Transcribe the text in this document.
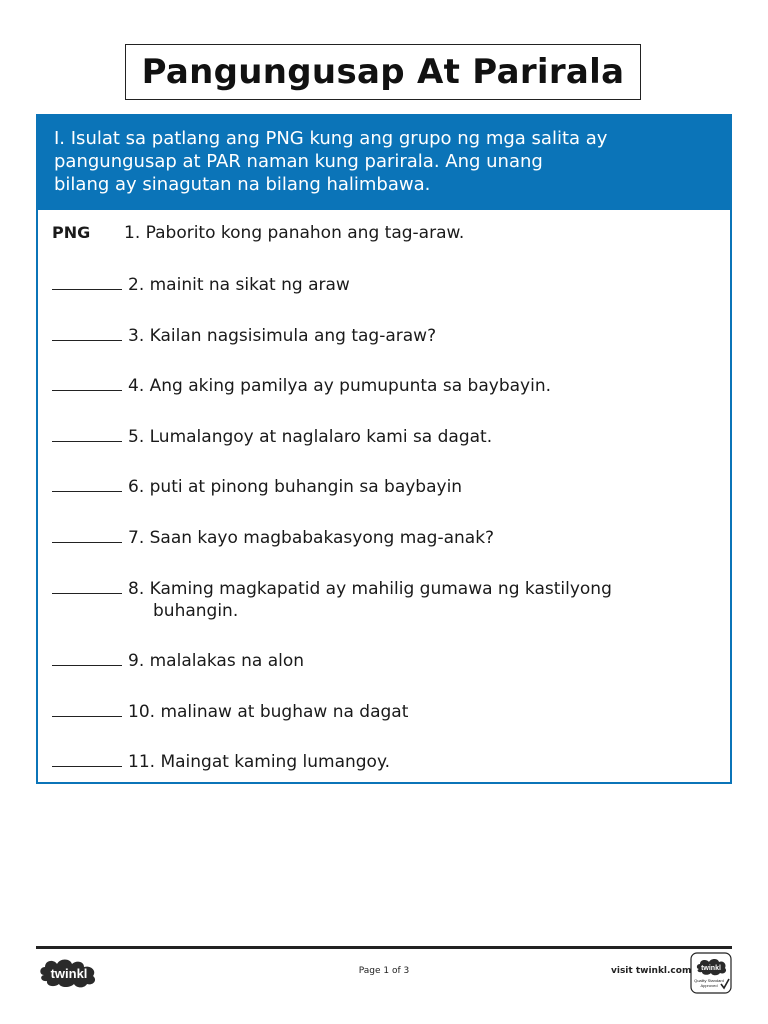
Pangungusap At Parirala
I. Isulat sa patlang ang PNG kung ang grupo ng mga salita ay
pangungusap at PAR naman kung parirala. Ang unang
bilang ay sinagutan na bilang halimbawa.
PNG 1. Paborito kong panahon ang tag-araw.
2. mainit na sikat ng araw
3. Kailan nagsisimula ang tag-araw?
4. Ang aking pamilya ay pumupunta sa baybayin.
5. Lumalangoy at naglalaro kami sa dagat.
6. puti at pinong buhangin sa baybayin
7. Saan kayo magbabakasyong mag-anak?
8. Kaming magkapatid ay mahilig gumawa ng kastilyong
buhangin.
9. malalakas na alon
10. malinaw at bughaw na dagat
11. Maingat kaming lumangoy.
twinkl	Page 1 of 3	visit twinkl.com twinkl
Quality Standard
Approved
